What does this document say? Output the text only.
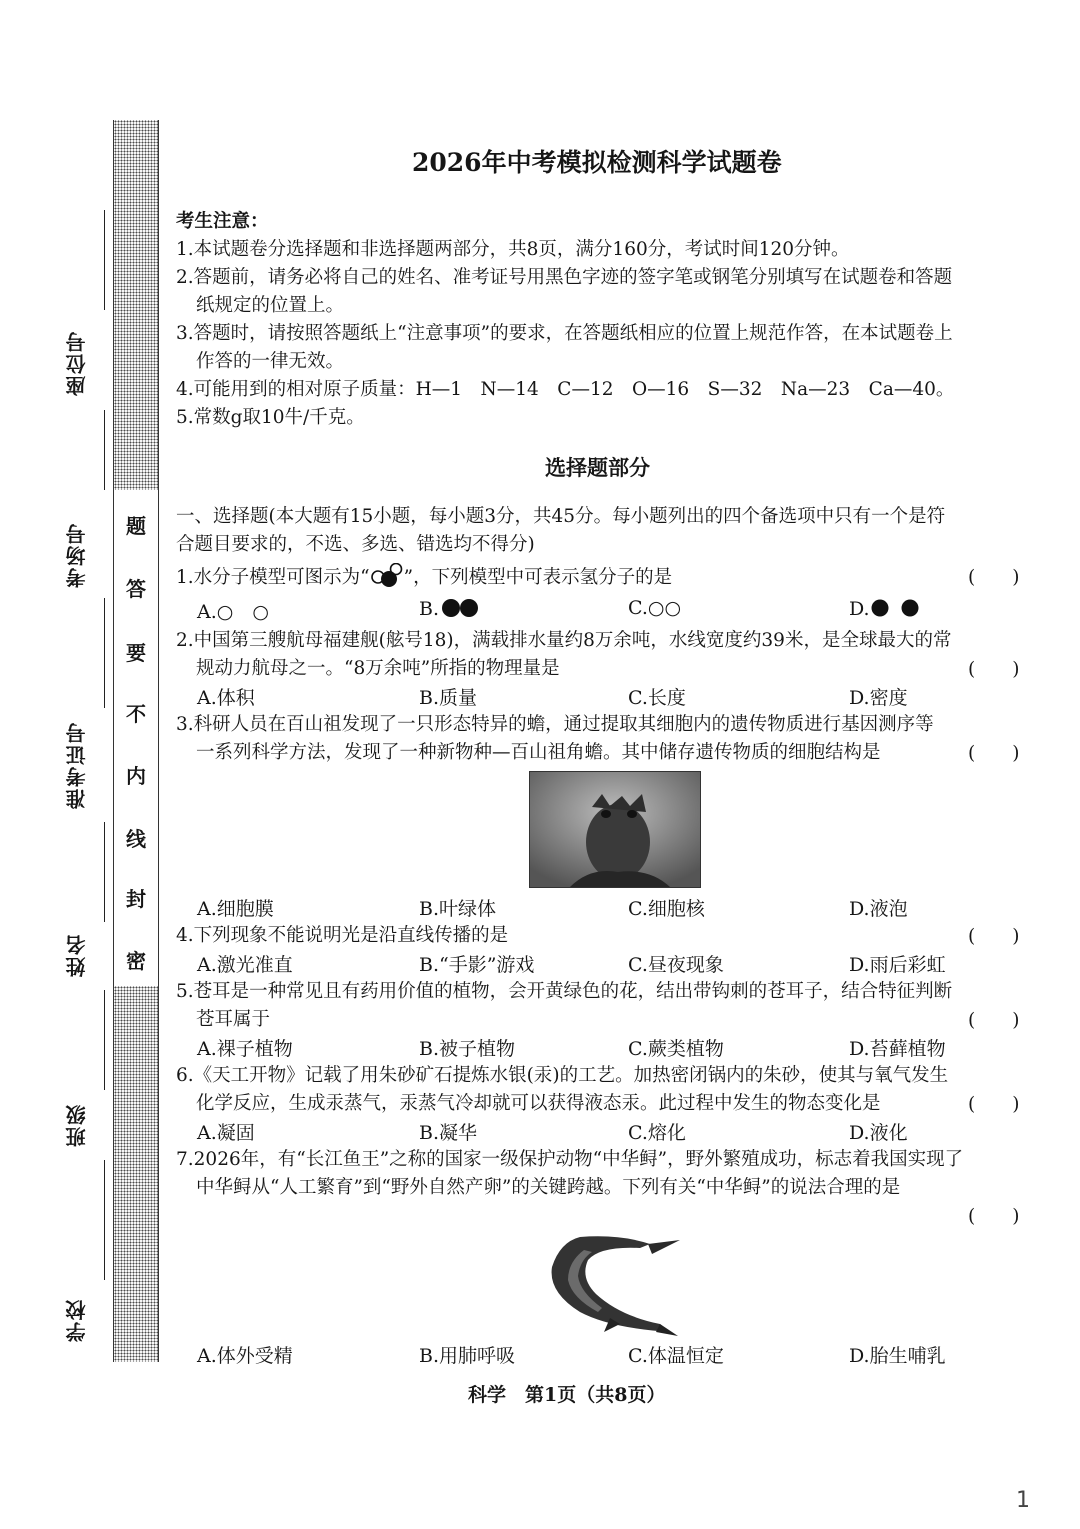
题
答
要
不
内
线
封
密
座位号
考场号
准考证号
姓名
班级
学校
2026年中考模拟检测科学试题卷
考生注意：
1.本试题卷分选择题和非选择题两部分，共8页，满分160分，考试时间120分钟。
2.答题前，请务必将自己的姓名、准考证号用黑色字迹的签字笔或钢笔分别填写在试题卷和答题
纸规定的位置上。
3.答题时，请按照答题纸上“注意事项”的要求，在答题纸相应的位置上规范作答，在本试题卷上
作答的一律无效。
4.可能用到的相对原子质量：H—1　N—14　C—12　O—16　S—32　Na—23　Ca—40。
5.常数g取10牛/千克。
选择题部分
一、选择题(本大题有15小题，每小题3分，共45分。每小题列出的四个备选项中只有一个是符
合题目要求的，不选、多选、错选均不得分)
1.水分子模型可图示为“ ”，下列模型中可表示氢分子的是	(　　)
A.○　○	B.	C.○○	D.
2.中国第三艘航母福建舰(舷号18)，满载排水量约8万余吨，水线宽度约39米，是全球最大的常
规动力航母之一。“8万余吨”所指的物理量是	(　　)
A.体积	B.质量	C.长度	D.密度
3.科研人员在百山祖发现了一只形态特异的蟾，通过提取其细胞内的遗传物质进行基因测序等
一系列科学方法，发现了一种新物种—百山祖角蟾。其中储存遗传物质的细胞结构是	(　　)
A.细胞膜	B.叶绿体	C.细胞核	D.液泡
4.下列现象不能说明光是沿直线传播的是	(　　)
A.激光准直	B.“手影”游戏	C.昼夜现象	D.雨后彩虹
5.苍耳是一种常见且有药用价值的植物，会开黄绿色的花，结出带钩刺的苍耳子，结合特征判断
苍耳属于	(　　)
A.裸子植物	B.被子植物	C.蕨类植物	D.苔藓植物
6.《天工开物》记载了用朱砂矿石提炼水银(汞)的工艺。加热密闭锅内的朱砂，使其与氧气发生
化学反应，生成汞蒸气，汞蒸气冷却就可以获得液态汞。此过程中发生的物态变化是	(　　)
A.凝固	B.凝华	C.熔化	D.液化
7.2026年，有“长江鱼王”之称的国家一级保护动物“中华鲟”，野外繁殖成功，标志着我国实现了
中华鲟从“人工繁育”到“野外自然产卵”的关键跨越。下列有关“中华鲟”的说法合理的是
(　　)
A.体外受精	B.用肺呼吸	C.体温恒定	D.胎生哺乳
科学　第1页（共8页）
1
